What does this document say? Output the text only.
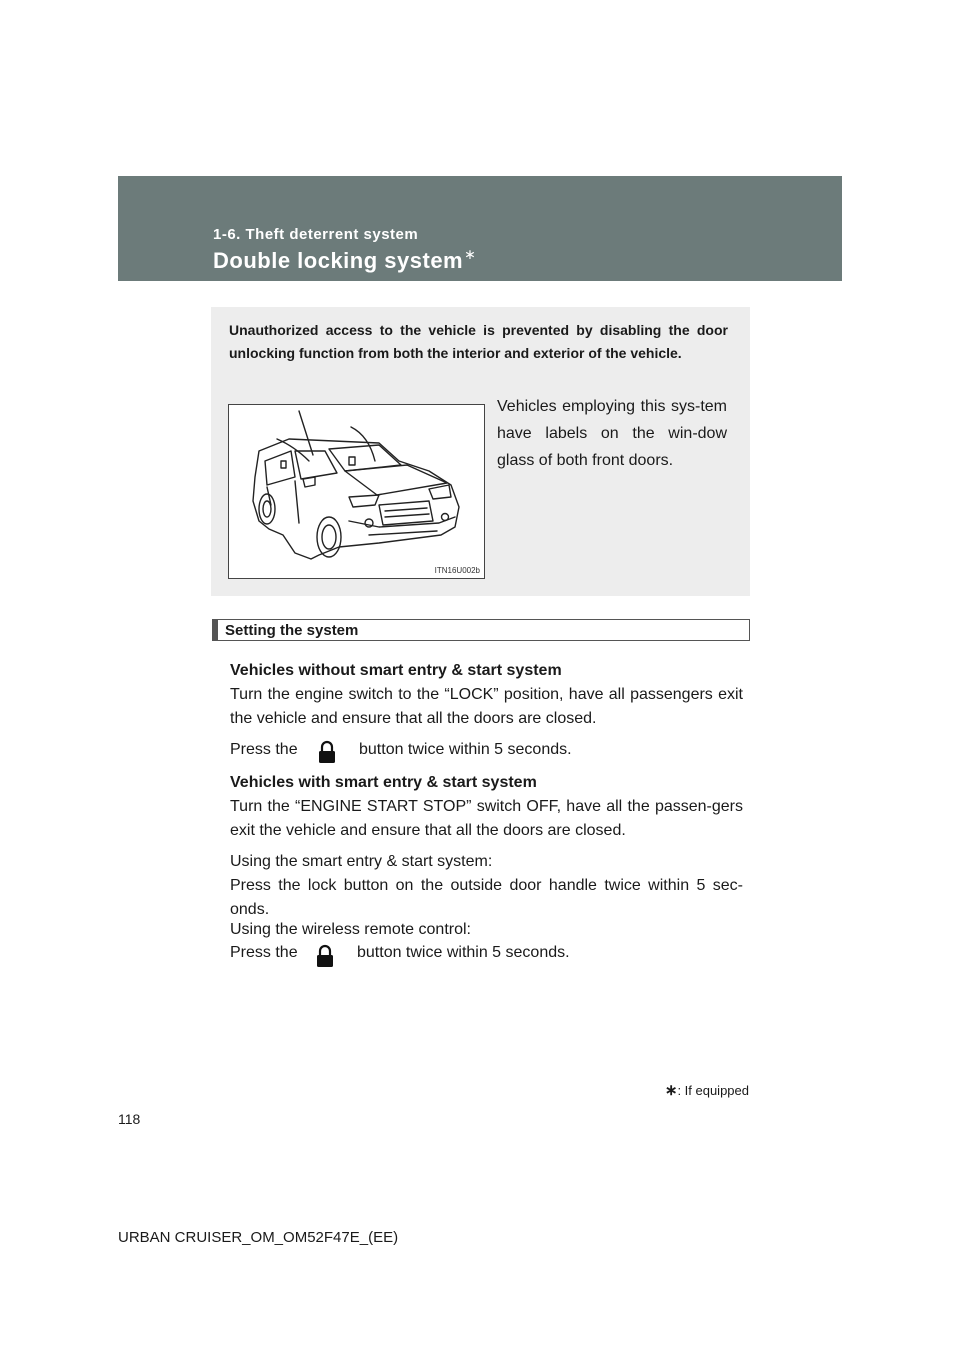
1-6. Theft deterrent system
Double locking system∗
Unauthorized access to the vehicle is prevented by disabling the door unlocking function from both the interior and exterior of the vehicle.
Vehicles employing this sys-tem have labels on the win-dow glass of both front doors.
ITN16U002b
Setting the system
Vehicles without smart entry & start system
Turn the engine switch to the “LOCK” position, have all passengers exit the vehicle and ensure that all the doors are closed.
Press the	button twice within 5 seconds.
Vehicles with smart entry & start system
Turn the “ENGINE START STOP” switch OFF, have all the passen-gers exit the vehicle and ensure that all the doors are closed.
Using the smart entry & start system:
Press the lock button on the outside door handle twice within 5 sec-onds.
Using the wireless remote control:
Press the	button twice within 5 seconds.
∗: If equipped
118
URBAN CRUISER_OM_OM52F47E_(EE)
